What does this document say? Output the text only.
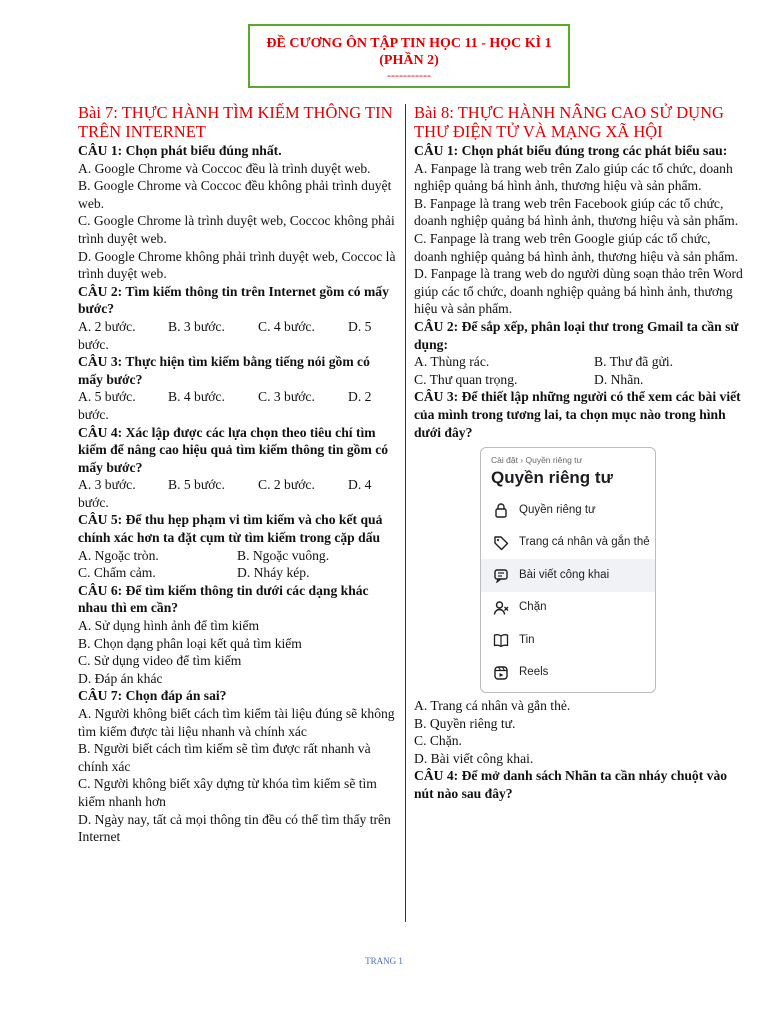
ĐỀ CƯƠNG ÔN TẬP TIN HỌC 11 - HỌC KÌ 1
(PHẦN 2)
-----------
Bài 7: THỰC HÀNH TÌM KIẾM THÔNG TIN TRÊN INTERNET

CÂU 1: Chọn phát biểu đúng nhất.

A. Google Chrome và Coccoc đều là trình duyệt web.

B. Google Chrome và Coccoc đều không phải trình duyệt web.

C. Google Chrome là trình duyệt web, Coccoc không phải trình duyệt web.

D. Google Chrome không phải trình duyệt web, Coccoc là trình duyệt web.

CÂU 2: Tìm kiếm thông tin trên Internet gồm có mấy bước?

A. 2 bước.	B. 3 bước.	C. 4 bước.	D. 5

bước.

CÂU 3: Thực hiện tìm kiếm bằng tiếng nói gồm có mấy bước?

A. 5 bước.	B. 4 bước.	C. 3 bước.	D. 2

bước.

CÂU 4: Xác lập được các lựa chọn theo tiêu chí tìm kiếm để nâng cao hiệu quả tìm kiếm thông tin gồm có mấy bước?

A. 3 bước.	B. 5 bước.	C. 2 bước.	D. 4

bước.

CÂU 5: Để thu hẹp phạm vi tìm kiếm và cho kết quả chính xác hơn ta đặt cụm từ tìm kiếm trong cặp dấu

A. Ngoặc tròn.	B. Ngoặc vuông.
C. Chấm cảm.	D. Nháy kép.

CÂU 6: Để tìm kiếm thông tin dưới các dạng khác nhau thì em cần?

A. Sử dụng hình ảnh để tìm kiếm

B. Chọn dạng phân loại kết quả tìm kiếm

C. Sử dụng video để tìm kiếm

D. Đáp án khác

CÂU 7: Chọn đáp án sai?

A. Người không biết cách tìm kiếm tài liệu đúng sẽ không tìm kiếm được tài liệu nhanh và chính xác

B. Người biết cách tìm kiếm sẽ tìm được rất nhanh và chính xác

C. Người không biết xây dựng từ khóa tìm kiếm sẽ tìm kiếm nhanh hơn

D. Ngày nay, tất cả mọi thông tin đều có thể tìm thấy trên Internet

Bài 8: THỰC HÀNH NÂNG CAO SỬ DỤNG THƯ ĐIỆN TỬ VÀ MẠNG XÃ HỘI

CÂU 1: Chọn phát biểu đúng trong các phát biểu sau:

A. Fanpage là trang web trên Zalo giúp các tổ chức, doanh nghiệp quảng bá hình ảnh, thương hiệu và sản phẩm.

B. Fanpage là trang web trên Facebook giúp các tổ chức, doanh nghiệp quảng bá hình ảnh, thương hiệu và sản phẩm.

C. Fanpage là trang web trên Google giúp các tổ chức, doanh nghiệp quảng bá hình ảnh, thương hiệu và sản phẩm.

D. Fanpage là trang web do người dùng soạn thảo trên Word giúp các tổ chức, doanh nghiệp quảng bá hình ảnh, thương hiệu và sản phẩm.

CÂU 2: Để sắp xếp, phân loại thư trong Gmail ta cần sử dụng:

A. Thùng rác.	B. Thư đã gửi.
C. Thư quan trọng.	D. Nhãn.

CÂU 3: Để thiết lập những người có thể xem các bài viết của mình trong tương lai, ta chọn mục nào trong hình dưới đây?

Cài đặt › Quyền riêng tư
Quyền riêng tư
Quyền riêng tư
Trang cá nhân và gắn thẻ
Bài viết công khai
Chặn
Tin
Reels

A. Trang cá nhân và gắn thẻ.

B. Quyền riêng tư.

C. Chặn.

D. Bài viết công khai.

CÂU 4: Để mở danh sách Nhãn ta cần nháy chuột vào nút nào sau đây?

TRANG 1
